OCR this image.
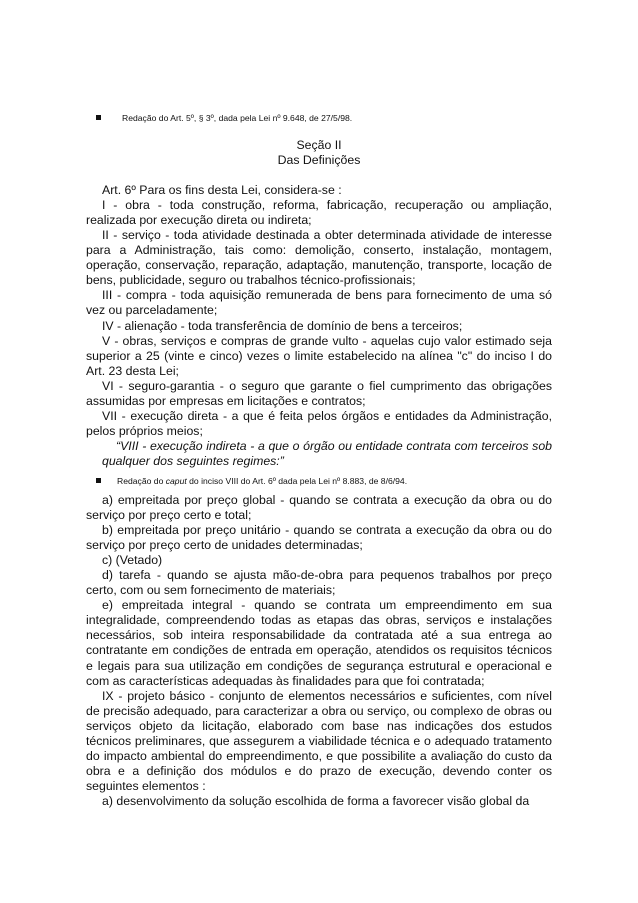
Redação do Art. 5º, § 3º, dada pela Lei nº 9.648, de 27/5/98.

Seção II

Das Definições

Art. 6º Para os fins desta Lei, considera-se :

I - obra - toda construção, reforma, fabricação, recuperação ou ampliação, realizada por execução direta ou indireta;

II - serviço - toda atividade destinada a obter determinada atividade de interesse para a Administração, tais como: demolição, conserto, instalação, montagem, operação, conservação, reparação, adaptação, manutenção, transporte, locação de bens, publicidade, seguro ou trabalhos técnico-profissionais;

III - compra - toda aquisição remunerada de bens para fornecimento de uma só vez ou parceladamente;

IV - alienação - toda transferência de domínio de bens a terceiros;

V - obras, serviços e compras de grande vulto - aquelas cujo valor estimado seja superior a 25 (vinte e cinco) vezes o limite estabelecido na alínea "c" do inciso I do Art. 23 desta Lei;

VI - seguro-garantia - o seguro que garante o fiel cumprimento das obrigações assumidas por empresas em licitações e contratos;

VII - execução direta - a que é feita pelos órgãos e entidades da Administração, pelos próprios meios;

“VIII - execução indireta - a que o órgão ou entidade contrata com terceiros sob qualquer dos seguintes regimes:”

Redação do caput do inciso VIII do Art. 6º dada pela Lei nº 8.883, de 8/6/94.

a) empreitada por preço global - quando se contrata a execução da obra ou do serviço por preço certo e total;

b) empreitada por preço unitário - quando se contrata a execução da obra ou do serviço por preço certo de unidades determinadas;

c) (Vetado)

d) tarefa - quando se ajusta mão-de-obra para pequenos trabalhos por preço certo, com ou sem fornecimento de materiais;

e) empreitada integral - quando se contrata um empreendimento em sua integralidade, compreendendo todas as etapas das obras, serviços e instalações necessários, sob inteira responsabilidade da contratada até a sua entrega ao contratante em condições de entrada em operação, atendidos os requisitos técnicos e legais para sua utilização em condições de segurança estrutural e operacional e com as características adequadas às finalidades para que foi contratada;

IX - projeto básico - conjunto de elementos necessários e suficientes, com nível de precisão adequado, para caracterizar a obra ou serviço, ou complexo de obras ou serviços objeto da licitação, elaborado com base nas indicações dos estudos técnicos preliminares, que assegurem a viabilidade técnica e o adequado tratamento do impacto ambiental do empreendimento, e que possibilite a avaliação do custo da obra e a definição dos módulos e do prazo de execução, devendo conter os seguintes elementos :

a) desenvolvimento da solução escolhida de forma a favorecer visão global da
